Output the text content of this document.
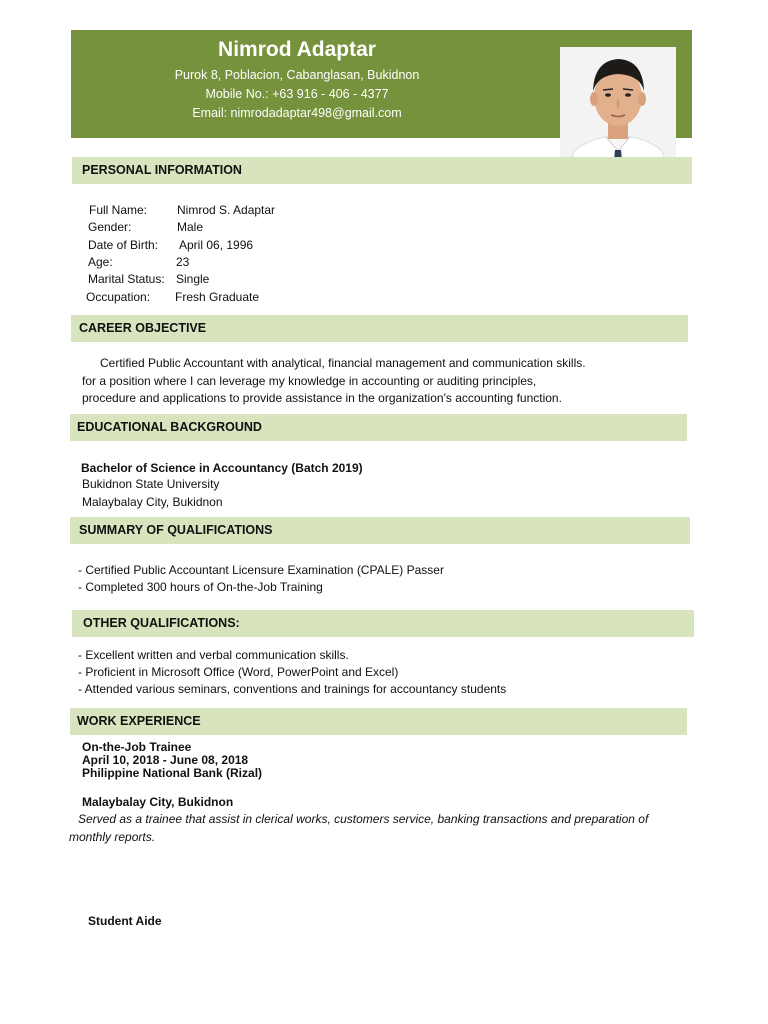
Nimrod Adaptar
Purok 8, Poblacion, Cabanglasan, Bukidnon
Mobile No.: +63 916 - 406 - 4377
Email: nimrodadaptar498@gmail.com
PERSONAL INFORMATION
Full Name: Nimrod S. Adaptar
Gender:	Male
Date of Birth: April 06, 1996
Age:	23
Marital Status: Single
Occupation: Fresh Graduate
CAREER OBJECTIVE
Certified Public Accountant with analytical, financial management and communication skills.
for a position where I can leverage my knowledge in accounting or auditing principles,
procedure and applications to provide assistance in the organization's accounting function.
EDUCATIONAL BACKGROUND
Bachelor of Science in Accountancy (Batch 2019)
Bukidnon State University
Malaybalay City, Bukidnon
SUMMARY OF QUALIFICATIONS
- Certified Public Accountant Licensure Examination (CPALE) Passer
- Completed 300 hours of On-the-Job Training
OTHER QUALIFICATIONS:
- Excellent written and verbal communication skills.
- Proficient in Microsoft Office (Word, PowerPoint and Excel)
- Attended various seminars, conventions and trainings for accountancy students
WORK EXPERIENCE
On-the-Job Trainee
April 10, 2018 - June 08, 2018
Philippine National Bank (Rizal)
Malaybalay City, Bukidnon
Served as a trainee that assist in clerical works, customers service, banking transactions and preparation of
monthly reports.
Student Aide
